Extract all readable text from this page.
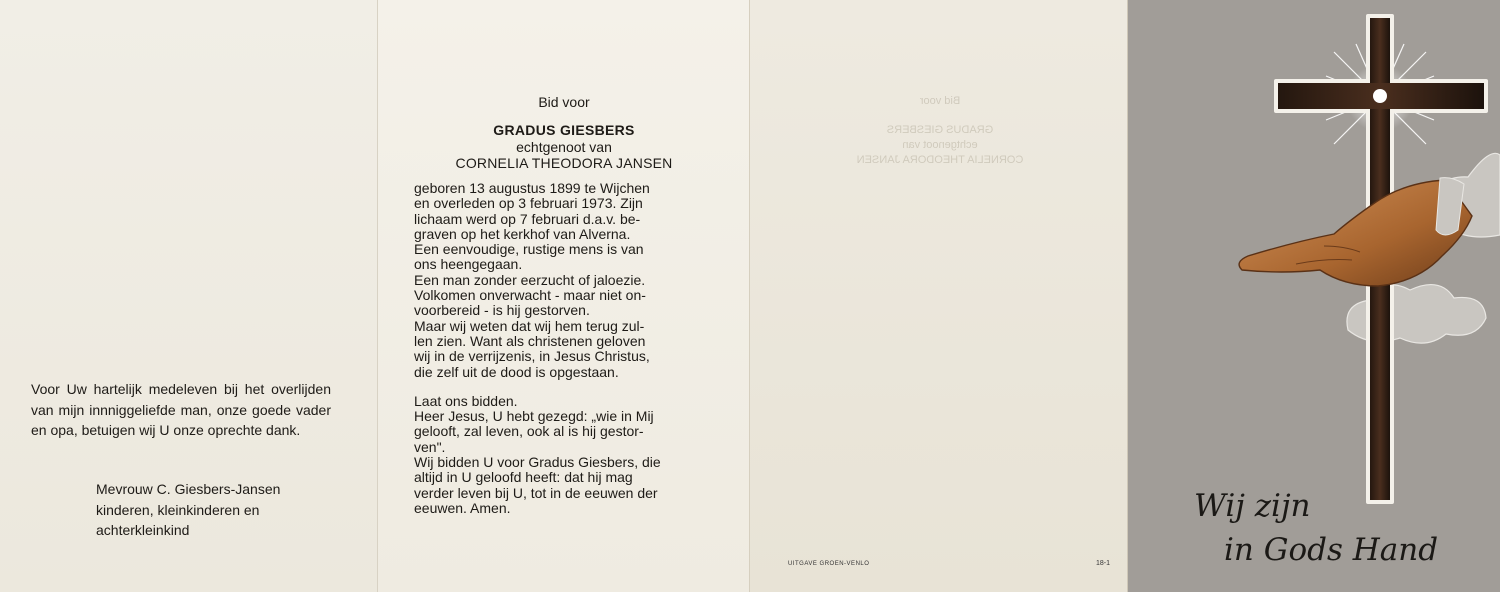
Voor Uw hartelijk medeleven bij het overlijden van mijn innniggeliefde man, onze goede vader en opa, betuigen wij U onze oprechte dank.

Mevrouw C. Giesbers-Jansen
kinderen, kleinkinderen en
achterkleinkind

Bid voor

GRADUS GIESBERS

echtgenoot van

CORNELIA THEODORA JANSEN

geboren 13 augustus 1899 te Wijchen
en overleden op 3 februari 1973. Zijn
lichaam werd op 7 februari d.a.v. be-
graven op het kerkhof van Alverna.
Een eenvoudige, rustige mens is van
ons heengegaan.
Een man zonder eerzucht of jaloezie.
Volkomen onverwacht - maar niet on-
voorbereid - is hij gestorven.
Maar wij weten dat wij hem terug zul-
len zien. Want als christenen geloven
wij in de verrijzenis, in Jesus Christus,
die zelf uit de dood is opgestaan.
Laat ons bidden.
Heer Jesus, U hebt gezegd: „wie in Mij
gelooft, zal leven, ook al is hij gestor-
ven".
Wij bidden U voor Gradus Giesbers, die
altijd in U geloofd heeft: dat hij mag
verder leven bij U, tot in de eeuwen der
eeuwen. Amen.
Bid voor
GRADUS GIESBERS
echtgenoot van
CORNELIA THEODORA JANSEN
UITGAVE GROEN-VENLO	18-1
Wij zijn
in Gods Hand
